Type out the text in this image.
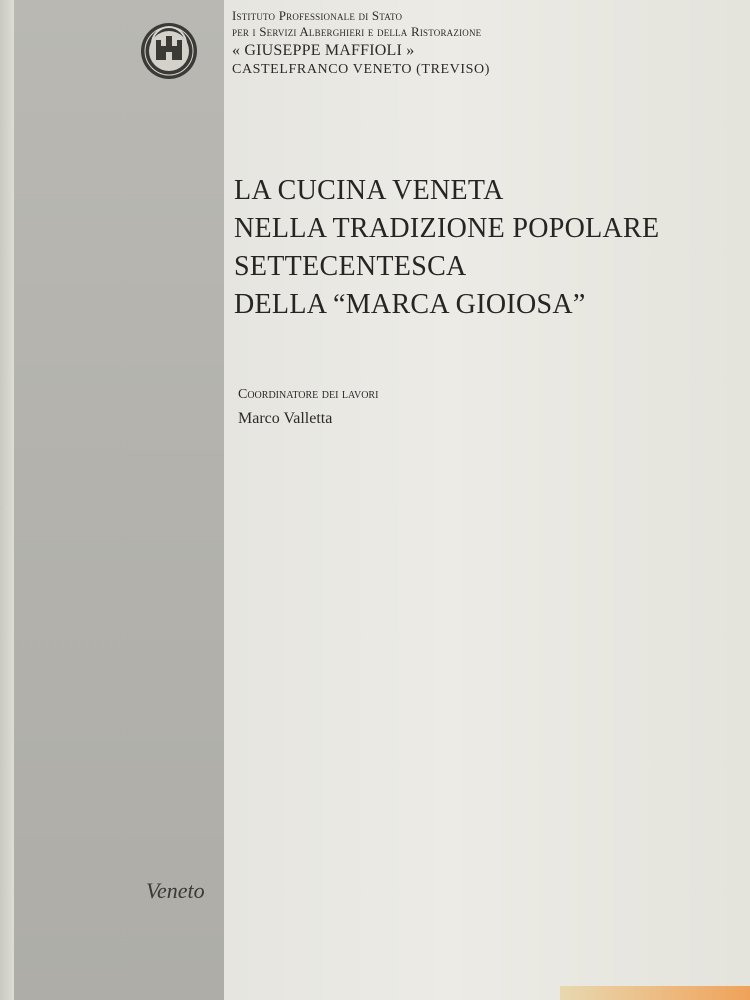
Istituto Professionale di Stato
per i Servizi Alberghieri e della Ristorazione
« GIUSEPPE MAFFIOLI »
CASTELFRANCO VENETO (TREVISO)
LA CUCINA VENETA
NELLA TRADIZIONE POPOLARE
SETTECENTESCA
DELLA “MARCA GIOIOSA”
Coordinatore dei lavori
Marco Valletta
Veneto
